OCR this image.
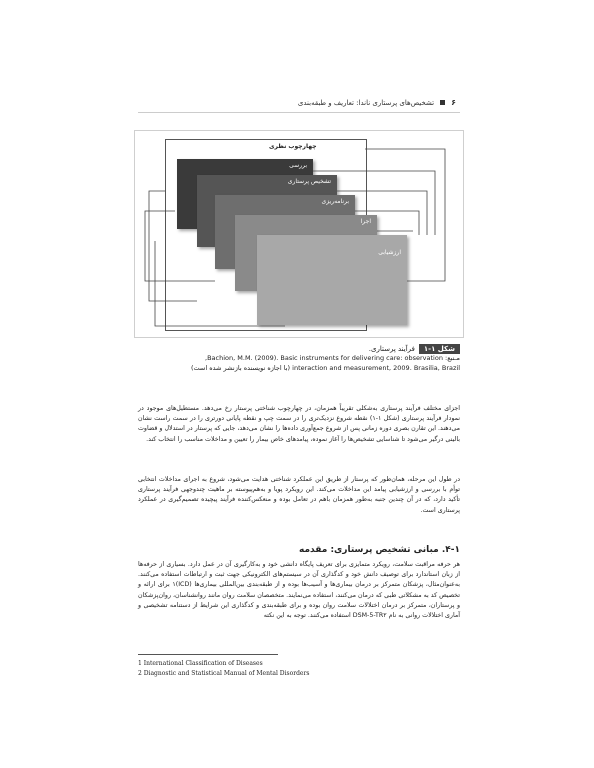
۶
تشخیص‌های پرستاری ناندا: تعاریف و طبقه‌بندی
چهارچوب نظری
بررسی
تشخیص پرستاری
برنامه‌ریزی
اجرا
ارزشیابی
شکل ۱-۱
فرآیند پرستاری.
مـنبع: Bachion, M.M. (2009). Basic instruments for delivering care: observation,
interaction and measurement, 2009. Brasilia, Brazil (با اجازه نویسنده بازنشر شده است)
اجزای مختلف فرآیند پرستاری به‌شکلی تقریباً همزمان، در چهارچوب شناختی پرستار رخ می‌دهد. مستطیل‌های موجود در نمودار فرآیند پرستاری (شکل ۱-۱) نقطه شروع نزدیک‌تری را در سمت چپ و نقطه پایانی دورتری را در سمت راست نشان می‌دهند. این تقارن بصری دوره زمانی پس از شروع جمع‌آوری داده‌ها را نشان می‌دهد، جایی که پرستار در استدلال و قضاوت بالینی درگیر می‌شود تا شناسایی تشخیص‌ها را آغاز نموده، پیامدهای خاص بیمار را تعیین و مداخلات مناسب را انتخاب کند.
در طول این مرحله، همان‌طور که پرستار از طریق این عملکرد شناختی هدایت می‌شود، شروع به اجرای مداخلات انتخابی توأم با بررسی و ارزشیابی پیامد این مداخلات می‌کند. این رویکرد پویا و به‌هم‌پیوسته بر ماهیت چندوجهی فرآیند پرستاری تأکید دارد، که در آن چندین جنبه به‌طور همزمان با‌هم در تعامل بوده و منعکس‌کننده فرآیند پیچیده تصمیم‌گیری در عملکرد پرستاری است.
۴-۱. مبانی تشخیص پرستاری: مقدمه
هر حرفه مراقبت سلامت، رویکرد متمایزی برای تعریف پایگاه دانشی خود و به‌کارگیری آن در عمل دارد. بسیاری از حرفه‌ها از زبان استاندارد برای توصیف دانش خود و کدگذاری آن در سیستم‌های الکترونیکی جهت ثبت و ارتباطات استفاده می‌کنند. به‌عنوان‌مثال، پزشکان متمرکز بر درمان بیماری‌ها و آسیب‌ها بوده و از طبقه‌بندی بین‌المللی بیماری‌ها (ICD)۱ برای ارائه و تخصیص کد به مشکلاتی طبی که درمان می‌کنند، استفاده می‌نمایند. متخصصان سلامت روان مانند روانشناسان، روان‌پزشکان و پرستاران، متمرکز بر درمان اختلالات سلامت روان بوده و برای طبقه‌بندی و کدگذاری این شرایط از دستنامه تشخیصی و آماری اختلالات روانی به نام DSM-5-TR۲ استفاده می‌کنند. توجه به این نکته
1 International Classification of Diseases
2 Diagnostic and Statistical Manual of Mental Disorders
